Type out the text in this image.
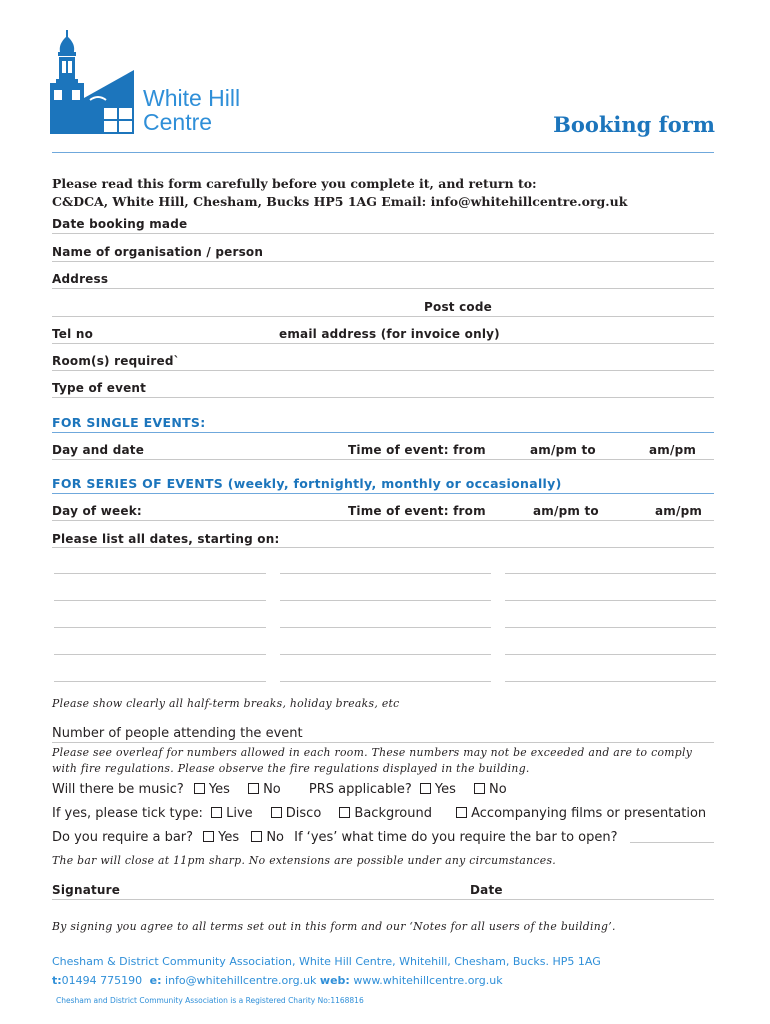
White Hill
Centre	Booking form
Please read this form carefully before you complete it, and return to:
C&DCA, White Hill, Chesham, Bucks HP5 1AG Email: info@whitehillcentre.org.uk
Date booking made
Name of organisation / person
Address
Post code
Tel no	email address (for invoice only)
Room(s) required`
Type of event
FOR SINGLE EVENTS:
Day and date	Time of event: from	am/pm to	am/pm
FOR SERIES OF EVENTS (weekly, fortnightly, monthly or occasionally)
Day of week:	Time of event: from	am/pm to	am/pm
Please list all dates, starting on:
Please show clearly all half-term breaks, holiday breaks, etc
Number of people attending the event
Please see overleaf for numbers allowed in each room. These numbers may not be exceeded and are to comply with fire regulations. Please observe the fire regulations displayed in the building.
Will there be music? Yes	No PRS applicable? Yes	No
If yes, please tick type: Live	Disco	Background	Accompanying films or presentation
Do you require a bar? Yes No If ‘yes’ what time do you require the bar to open?
The bar will close at 11pm sharp. No extensions are possible under any circumstances.
Signature	Date
By signing you agree to all terms set out in this form and our ‘Notes for all users of the building’.
Chesham & District Community Association, White Hill Centre, Whitehill, Chesham, Bucks. HP5 1AG
t:01494 775190 e: info@whitehillcentre.org.uk web: www.whitehillcentre.org.uk
Chesham and District Community Association is a Registered Charity No:1168816
